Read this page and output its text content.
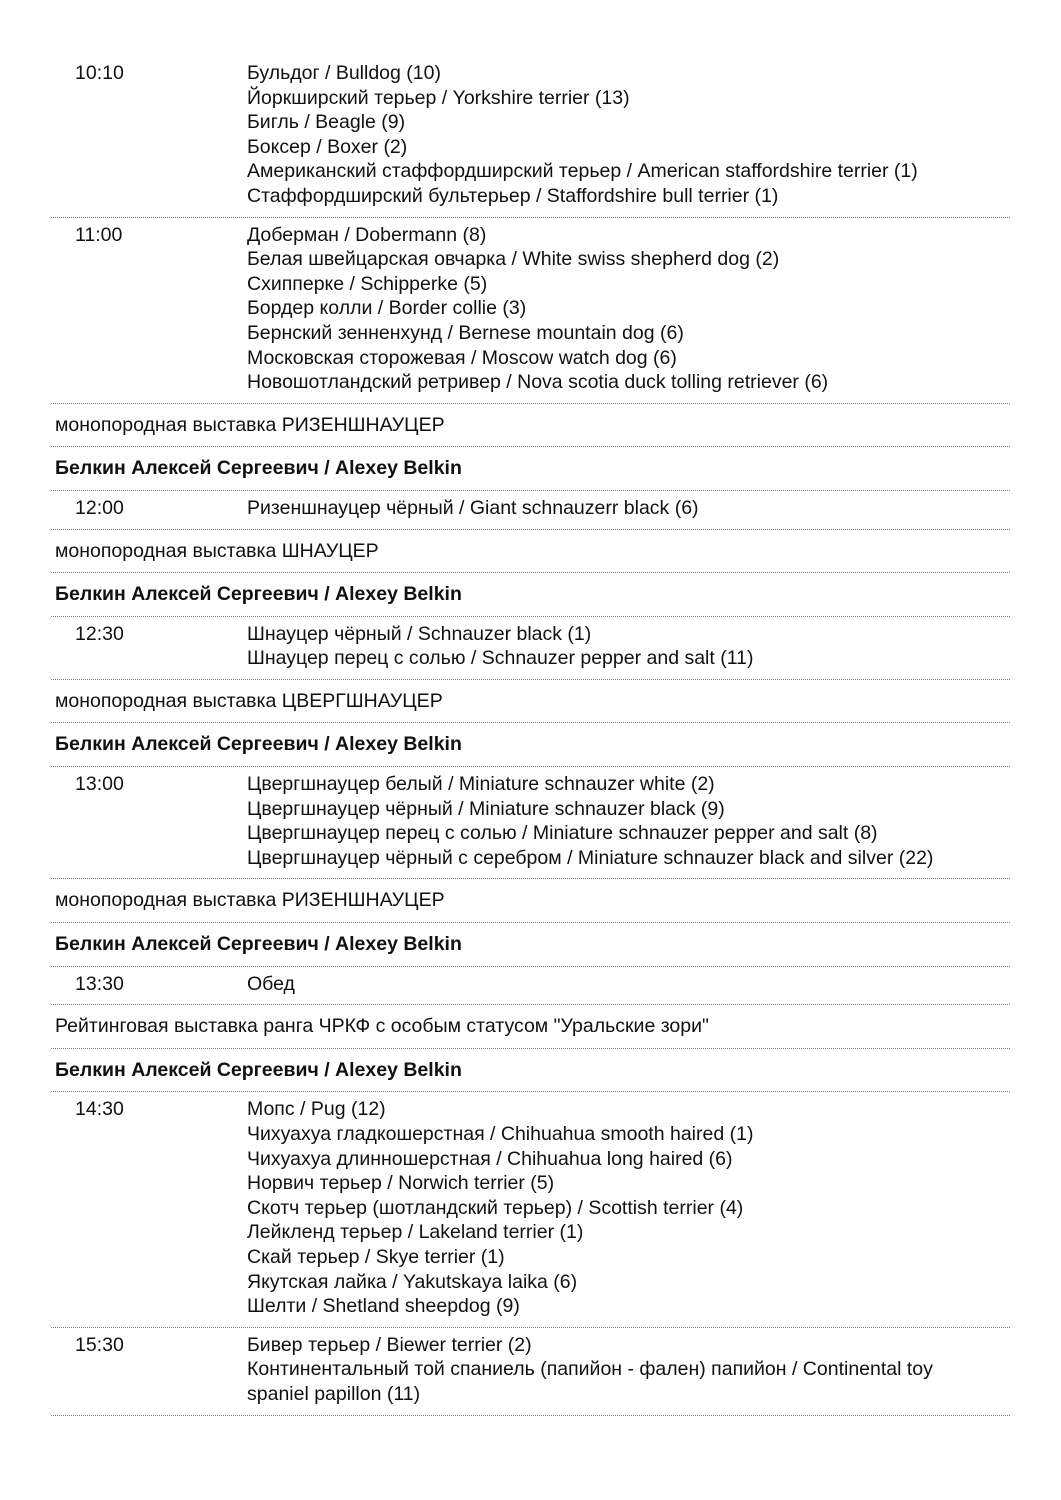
10:10	Бульдог / Bulldog (10)
Йоркширский терьер / Yorkshire terrier (13)
Бигль / Beagle (9)
Боксер / Boxer (2)
Американский стаффордширский терьер / American staffordshire terrier (1)
Стаффордширский бультерьер / Staffordshire bull terrier (1)
11:00	Доберман / Dobermann (8)
Белая швейцарская овчарка / White swiss shepherd dog (2)
Схипперке / Schipperke (5)
Бордер колли / Border collie (3)
Бернский зенненхунд / Bernese mountain dog (6)
Московская сторожевая / Moscow watch dog (6)
Новошотландский ретривер / Nova scotia duck tolling retriever (6)
монопородная выставка РИЗЕНШНАУЦЕР
Белкин Алексей Сергеевич / Alexey Belkin
12:00	Ризеншнауцер чёрный / Giant schnauzerr black (6)
монопородная выставка ШНАУЦЕР
Белкин Алексей Сергеевич / Alexey Belkin
12:30	Шнауцер чёрный / Schnauzer black (1)
Шнауцер перец с солью / Schnauzer pepper and salt (11)
монопородная выставка ЦВЕРГШНАУЦЕР
Белкин Алексей Сергеевич / Alexey Belkin
13:00	Цвергшнауцер белый / Miniature schnauzer white (2)
Цвергшнауцер чёрный / Miniature schnauzer black (9)
Цвергшнауцер перец с солью / Miniature schnauzer pepper and salt (8)
Цвергшнауцер чёрный с серебром / Miniature schnauzer black and silver (22)
монопородная выставка РИЗЕНШНАУЦЕР
Белкин Алексей Сергеевич / Alexey Belkin
13:30	Обед
Рейтинговая выставка ранга ЧРКФ с особым статусом "Уральские зори"
Белкин Алексей Сергеевич / Alexey Belkin
14:30	Мопс / Pug (12)
Чихуахуа гладкошерстная / Chihuahua smooth haired (1)
Чихуахуа длинношерстная / Chihuahua long haired (6)
Норвич терьер / Norwich terrier (5)
Скотч терьер (шотландский терьер) / Scottish terrier (4)
Лейкленд терьер / Lakeland terrier (1)
Скай терьер / Skye terrier (1)
Якутская лайка / Yakutskaya laika (6)
Шелти / Shetland sheepdog (9)
15:30	Бивер терьер / Biewer terrier (2)
Континентальный той спаниель (папийон - фален) папийон / Continental toy
spaniel papillon (11)
